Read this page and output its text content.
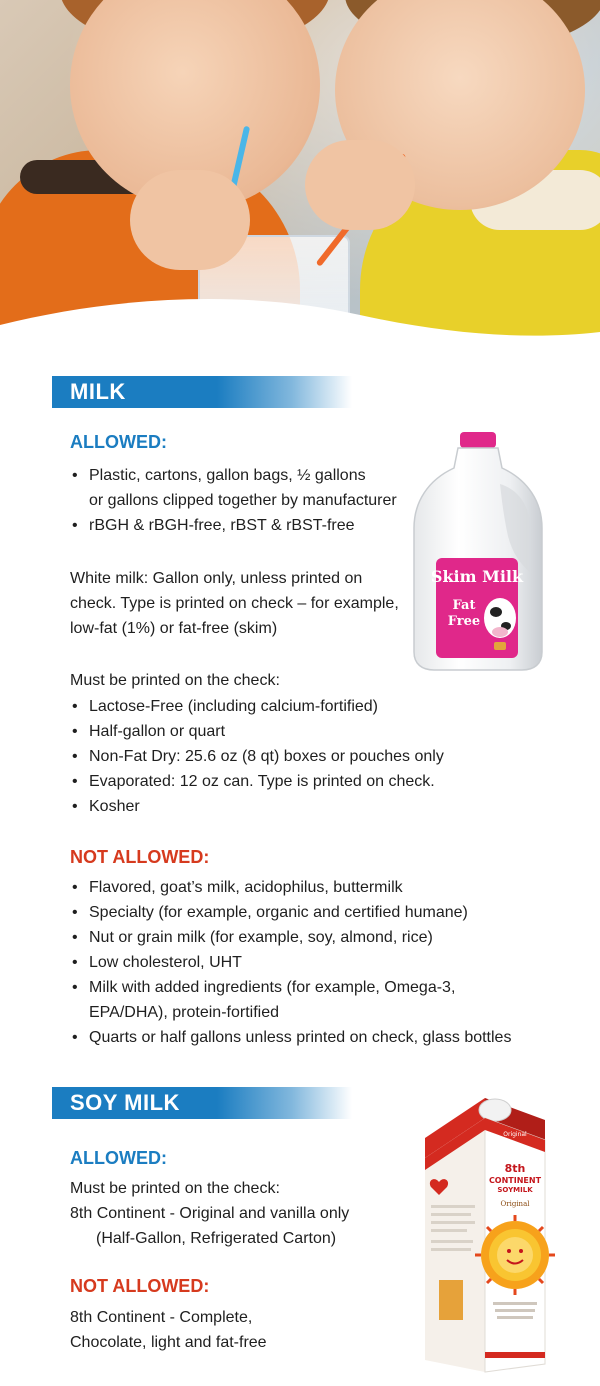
MILK
ALLOWED:
• Plastic, cartons, gallon bags, ½ gallons
or gallons clipped together by manufacturer
• rBGH & rBGH-free, rBST & rBST-free
White milk: Gallon only, unless printed on
check. Type is printed on check – for example,
low-fat (1%) or fat-free (skim)
Must be printed on the check:
• Lactose-Free (including calcium-fortified)
• Half-gallon or quart
• Non-Fat Dry: 25.6 oz (8 qt) boxes or pouches only
• Evaporated: 12 oz can. Type is printed on check.
• Kosher
NOT ALLOWED:
• Flavored, goat’s milk, acidophilus, buttermilk
• Specialty (for example, organic and certified humane)
• Nut or grain milk (for example, soy, almond, rice)
• Low cholesterol, UHT
• Milk with added ingredients (for example, Omega-3,
EPA/DHA), protein-fortified
• Quarts or half gallons unless printed on check, glass bottles
Skim Milk
Fat
Free
SOY MILK
ALLOWED:
Must be printed on the check:
8th Continent - Original and vanilla only
(Half-Gallon, Refrigerated Carton)
NOT ALLOWED:
8th Continent - Complete,
Chocolate, light and fat-free
Original
8th
CONTINENT
SOYMILK
Original
